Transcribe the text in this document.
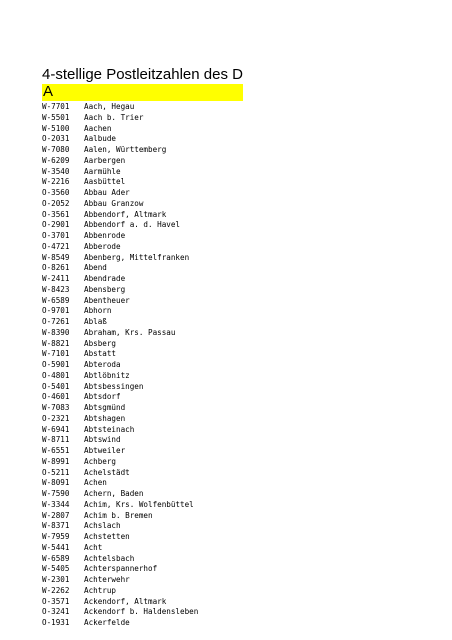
4-stellige Postleitzahlen des D
A
W-7701 Aach, Hegau
W-5501 Aach b. Trier
W-5100 Aachen
O-2031 Aalbude
W-7080 Aalen, Württemberg
W-6209 Aarbergen
W-3540 Aarmühle
W-2216 Aasbüttel
O-3560 Abbau Ader
O-2052 Abbau Granzow
O-3561 Abbendorf, Altmark
O-2901 Abbendorf a. d. Havel
O-3701 Abbenrode
O-4721 Abberode
W-8549 Abenberg, Mittelfranken
O-8261 Abend
W-2411 Abendrade
W-8423 Abensberg
W-6589 Abentheuer
O-9701 Abhorn
O-7261 Ablaß
W-8390 Abraham, Krs. Passau
W-8821 Absberg
W-7101 Abstatt
O-5901 Abteroda
O-4801 Abtlöbnitz
O-5401 Abtsbessingen
O-4601 Abtsdorf
W-7083 Abtsgmünd
O-2321 Abtshagen
W-6941 Abtsteinach
W-8711 Abtswind
W-6551 Abtweiler
W-8991 Achberg
O-5211 Achelstädt
W-8091 Achen
W-7590 Achern, Baden
W-3344 Achim, Krs. Wolfenbüttel
W-2807 Achim b. Bremen
W-8371 Achslach
W-7959 Achstetten
W-5441 Acht
W-6589 Achtelsbach
W-5405 Achterspannerhof
W-2301 Achterwehr
W-2262 Achtrup
O-3571 Ackendorf, Altmark
O-3241 Ackendorf b. Haldensleben
O-1931 Ackerfelde
